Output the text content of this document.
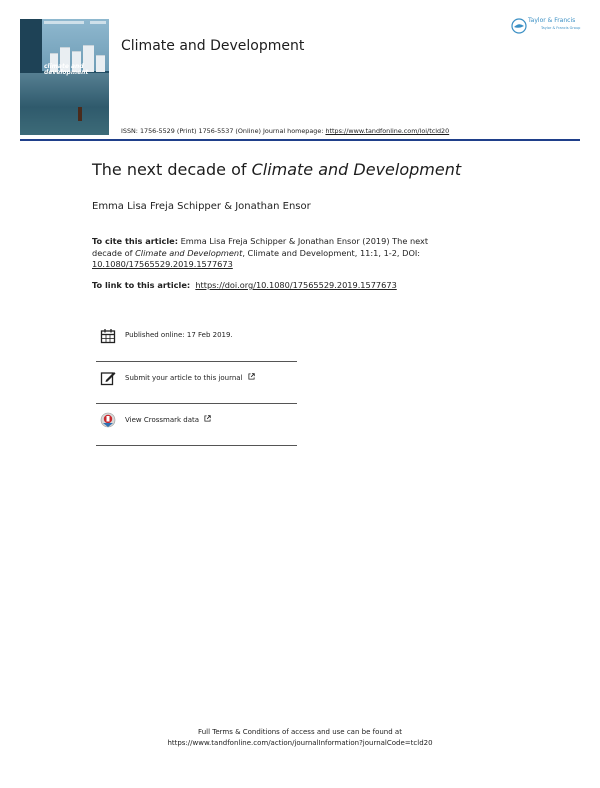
climate and development
Climate and Development
Taylor & Francis
Taylor & Francis Group
ISSN: 1756-5529 (Print) 1756-5537 (Online) Journal homepage: https://www.tandfonline.com/loi/tcld20
The next decade of Climate and Development
Emma Lisa Freja Schipper & Jonathan Ensor
To cite this article: Emma Lisa Freja Schipper & Jonathan Ensor (2019) The next decade of Climate and Development, Climate and Development, 11:1, 1-2, DOI: 10.1080/17565529.2019.1577673
To link to this article: https://doi.org/10.1080/17565529.2019.1577673
Published online: 17 Feb 2019.
Submit your article to this journal
View Crossmark data
Full Terms & Conditions of access and use can be found at
https://www.tandfonline.com/action/journalInformation?journalCode=tcld20
